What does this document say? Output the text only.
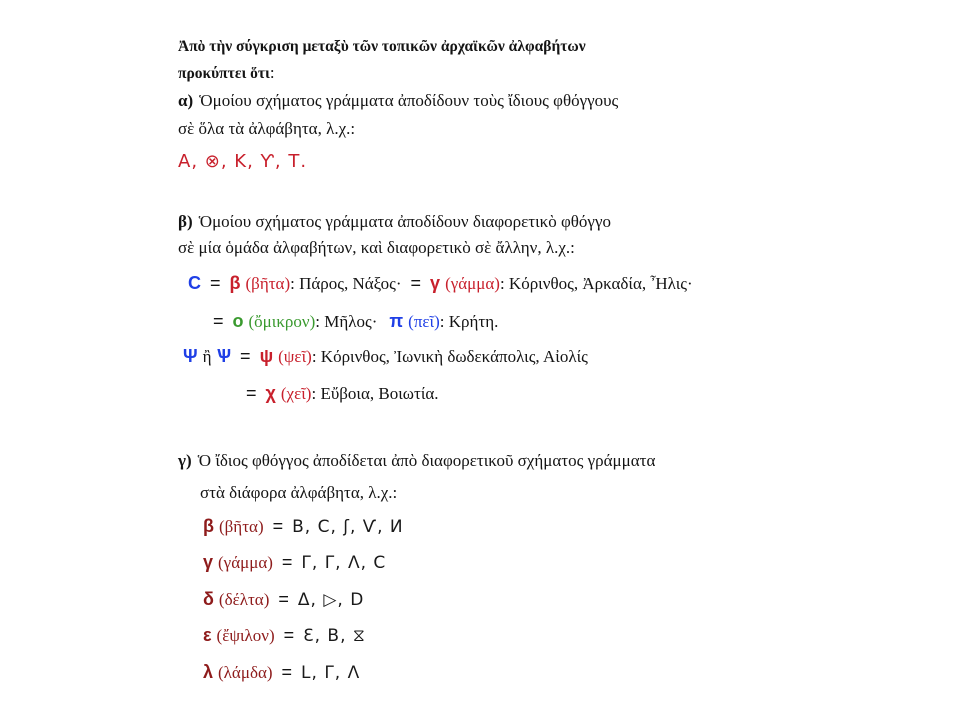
Ἀπὸ τὴν σύγκριση μεταξὺ τῶν τοπικῶν ἀρχαϊκῶν ἀλφαβήτων
προκύπτει ὅτι:
α) Ὁμοίου σχήματος γράμματα ἀποδίδουν τοὺς ἴδιους φθόγγους
σὲ ὅλα τὰ ἀλφάβητα, λ.χ.:
Α, ⊗, Κ, Ƴ, Τ.
β) Ὁμοίου σχήματος γράμματα ἀποδίδουν διαφορετικὸ φθόγγο
σὲ μία ὁμάδα ἀλφαβήτων, καὶ διαφορετικὸ σὲ ἄλλην, λ.χ.:
C = β (βῆτα): Πάρος, Νάξος· = γ (γάμμα): Κόρινθος, Ἀρκαδία, Ἦλις·
= ο (ὄμικρον): Μῆλος· π (πεῖ): Κρήτη.
Ψ ἢ Ѱ = ψ (ψεῖ): Κόρινθος, Ἰωνικὴ δωδεκάπολις, Αἰολίς
= χ (χεῖ): Εὔβοια, Βοιωτία.
γ) Ὁ ἴδιος φθόγγος ἀποδίδεται ἀπὸ διαφορετικοῦ σχήματος γράμματα
στὰ διάφορα ἀλφάβητα, λ.χ.:
β (βῆτα) = Β, C, ʃ, Ѵ, И
γ (γάμμα) = Γ, Γ, Λ, C
δ (δέλτα) = Δ, ▷, D
ε (ἔψιλον) = Ɛ, Β, ⧖
λ (λάμδα) = L, Γ, Λ
